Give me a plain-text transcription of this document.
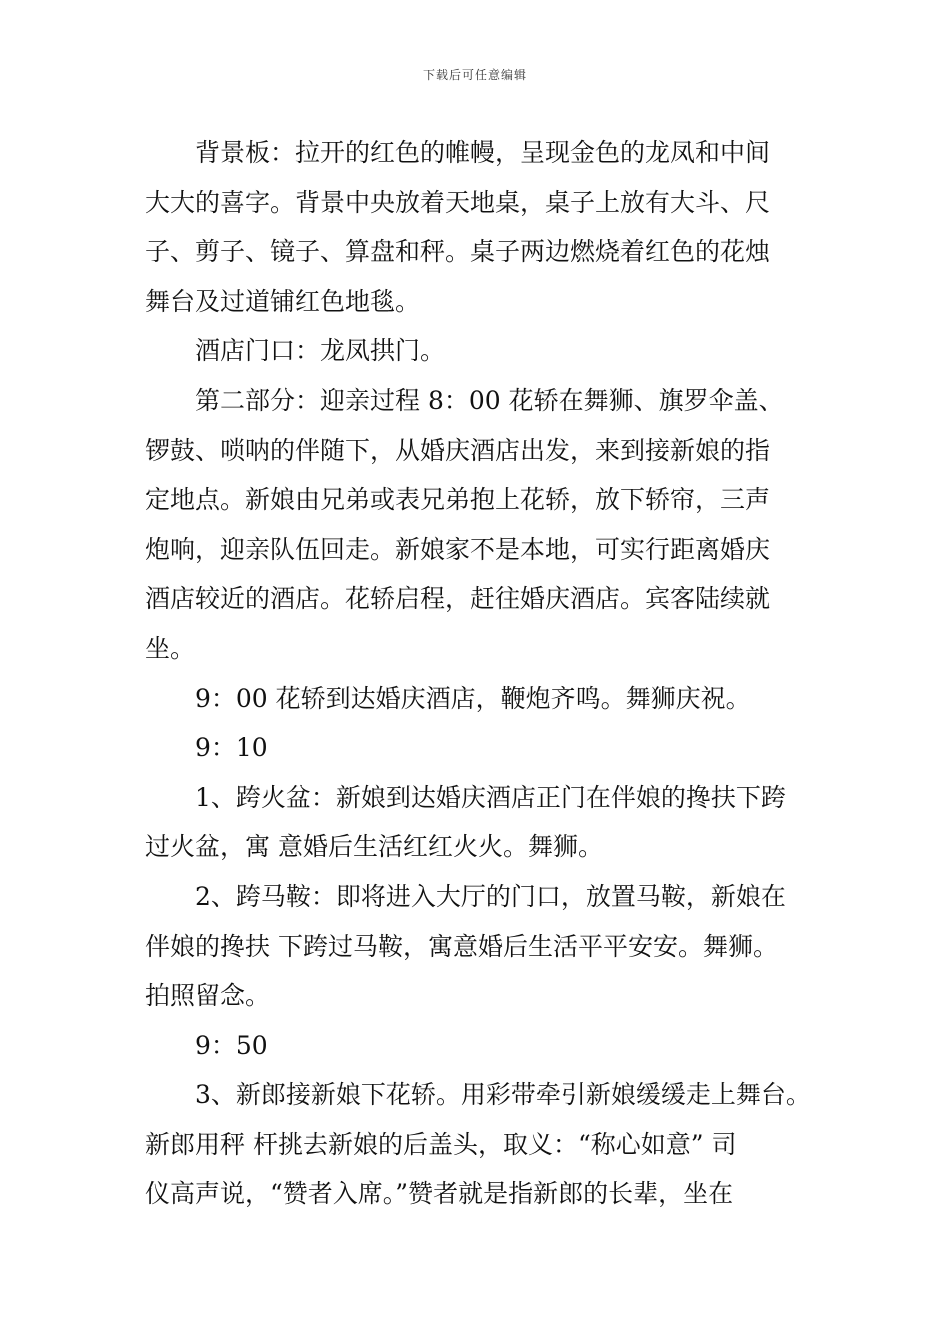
下载后可任意编辑
背景板：拉开的红色的帷幔，呈现金色的龙凤和中间
大大的喜字。背景中央放着天地桌，桌子上放有大斗、尺
子、剪子、镜子、算盘和秤。桌子两边燃烧着红色的花烛
舞台及过道铺红色地毯。
酒店门口：龙凤拱门。
第二部分：迎亲过程 8：00 花轿在舞狮、旗罗伞盖、
锣鼓、唢呐的伴随下，从婚庆酒店出发，来到接新娘的指
定地点。新娘由兄弟或表兄弟抱上花轿，放下轿帘，三声
炮响，迎亲队伍回走。新娘家不是本地，可实行距离婚庆
酒店较近的酒店。花轿启程，赶往婚庆酒店。宾客陆续就
坐。
9：00 花轿到达婚庆酒店，鞭炮齐鸣。舞狮庆祝。
9：10
1、跨火盆：新娘到达婚庆酒店正门在伴娘的搀扶下跨
过火盆，寓 意婚后生活红红火火。舞狮。
2、跨马鞍：即将进入大厅的门口，放置马鞍，新娘在
伴娘的搀扶 下跨过马鞍，寓意婚后生活平平安安。舞狮。
拍照留念。
9：50
3、新郎接新娘下花轿。用彩带牵引新娘缓缓走上舞台。
新郎用秤 杆挑去新娘的后盖头，取义：“称心如意” 司
仪高声说，“赞者入席。”赞者就是指新郎的长辈，坐在
